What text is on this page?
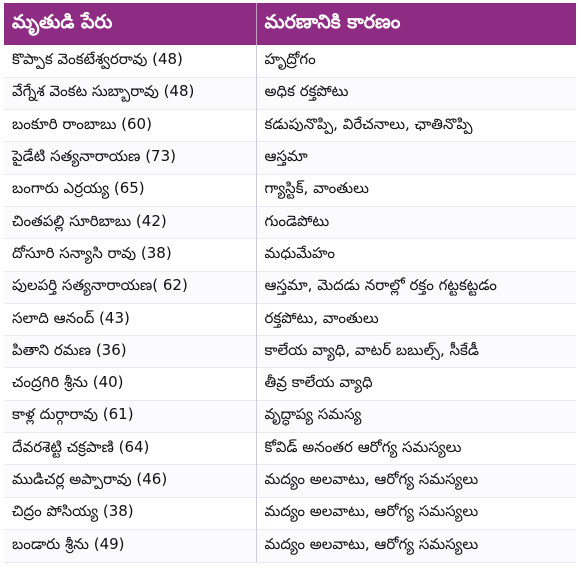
మృతుడి పేరు	మరణానికి కారణం
కొప్పాక వెంకటేశ్వరరావు (48)	హృద్రోగం
వేగ్నేశ వెంకట సుబ్బారావు (48)	అధిక రక్తపోటు
బంకూరి రాంబాబు (60)	కడుపునొప్పి, విరేచనాలు, ఛాతినొప్పి
పైడేటి సత్యనారాయణ (73)	ఆస్తమా
బంగారు ఎర్రయ్య (65)	గ్యాస్టిక్, వాంతులు
చింతపల్లి సూరిబాబు (42)	గుండెపోటు
దోసూరి సన్యాసి రావు (38)	మధుమేహం
పులపర్తి సత్యనారాయణ( 62)	ఆస్తమా, మెదడు నరాల్లో రక్తం గట్టకట్టడం
సలాది ఆనంద్ (43)	రక్తపోటు, వాంతులు
పితాని రమణ (36)	కాలేయ వ్యాధి, వాటర్ బబుల్స్, సీకేడీ
చంద్రగిరి శ్రీను (40)	తీవ్ర కాలేయ వ్యాధి
కాళ్ల దుర్గారావు (61)	వృద్ధాప్య సమస్య
దేవరశెట్టి చక్రపాణి (64)	కోవిడ్ అనంతర ఆరోగ్య సమస్యలు
ముడిచర్ల అప్పారావు (46)	మద్యం అలవాటు, ఆరోగ్య సమస్యలు
చిద్రం పోసియ్య (38)	మద్యం అలవాటు, ఆరోగ్య సమస్యలు
బండారు శ్రీను (49)	మద్యం అలవాటు, ఆరోగ్య సమస్యలు
